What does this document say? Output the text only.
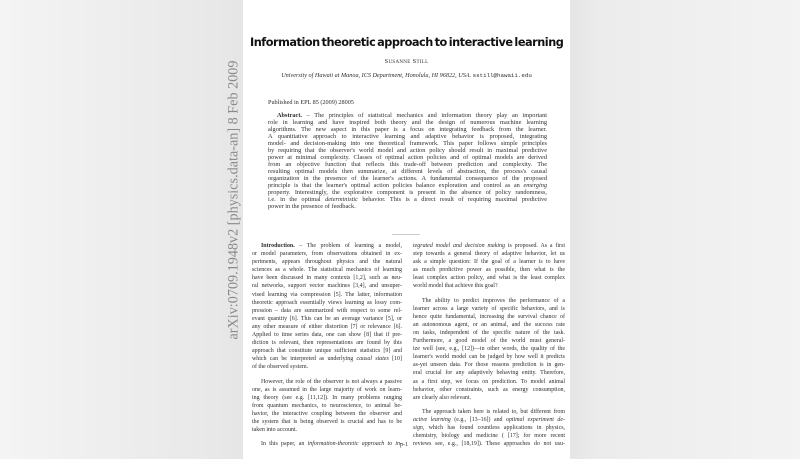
arXiv:0709.1948v2 [physics.data-an] 8 Feb 2009
Information theoretic approach to interactive learning
Susanne Still
University of Hawaii at Manoa, ICS Department, Honolulu, HI 96822, USA. sstill@hawaii.edu
Published in EPL 85 (2009) 28005
Abstract. – The principles of statistical mechanics and information theory play an important
role in learning and have inspired both theory and the design of numerous machine learning
algorithms. The new aspect in this paper is a focus on integrating feedback from the learner.
A quantitative approach to interactive learning and adaptive behavior is proposed, integrating
model- and decision-making into one theoretical framework. This paper follows simple principles
by requiring that the observer's world model and action policy should result in maximal predictive
power at minimal complexity. Classes of optimal action policies and of optimal models are derived
from an objective function that reflects this trade-off between prediction and complexity. The
resulting optimal models then summarize, at different levels of abstraction, the process's causal
organization in the presence of the learner's actions. A fundamental consequence of the proposed
principle is that the learner's optimal action policies balance exploration and control as an emerging
property. Interestingly, the explorative component is present in the absence of policy randomness,
i.e. in the optimal deterministic behavior. This is a direct result of requiring maximal predictive
power in the presence of feedback.
Introduction. – The problem of learning a model,
or model parameters, from observations obtained in ex-
periments, appears throughout physics and the natural
sciences as a whole. The statistical mechanics of learning
have been discussed in many contexts [1,2], such as neu-
ral networks, support vector machines [3,4], and unsuper-
vised learning via compression [5]. The latter, information
theoretic approach essentially views learning as lossy com-
pression – data are summarized with respect to some rel-
evant quantity [6]. This can be an average variance [5], or
any other measure of either distortion [7] or relevance [6].
Applied to time series data, one can show [8] that if pre-
diction is relevant, then representations are found by this
approach that constitute unique sufficient statistics [9] and
which can be interpreted as underlying causal states [10]
of the observed system.
However, the role of the observer is not always a passive
one, as is assumed in the large majority of work on learn-
ing theory (see e.g. [11,12]). In many problems ranging
from quantum mechanics, to neuroscience, to animal be-
havior, the interactive coupling between the observer and
the system that is being observed is crucial and has to be
taken into account.
In this paper, an information-theoretic approach to in-
tegrated model and decision making is proposed. As a first
step towards a general theory of adaptive behavior, let us
ask a simple question: If the goal of a learner is to have
as much predictive power as possible, then what is the
least complex action policy, and what is the least complex
world model that achieve this goal?
The ability to predict improves the performance of a
learner across a large variety of specific behaviors, and is
hence quite fundamental, increasing the survival chance of
an autonomous agent, or an animal, and the success rate
on tasks, independent of the specific nature of the task.
Furthermore, a good model of the world must general-
ize well (see, e.g., [12])—in other words, the quality of the
learner's world model can be judged by how well it predicts
as-yet unseen data. For those reasons prediction is in gen-
eral crucial for any adaptively behaving entity. Therefore,
as a first step, we focus on prediction. To model animal
behavior, other constraints, such as energy consumption,
are clearly also relevant.
The approach taken here is related to, but different from
active learning (e.g., [13–16]) and optimal experiment de-
sign, which has found countless applications in physics,
chemistry, biology and medicine ( [17]; for more recent
reviews see, e.g., [18,19]). These approaches do not usu-
p-1
